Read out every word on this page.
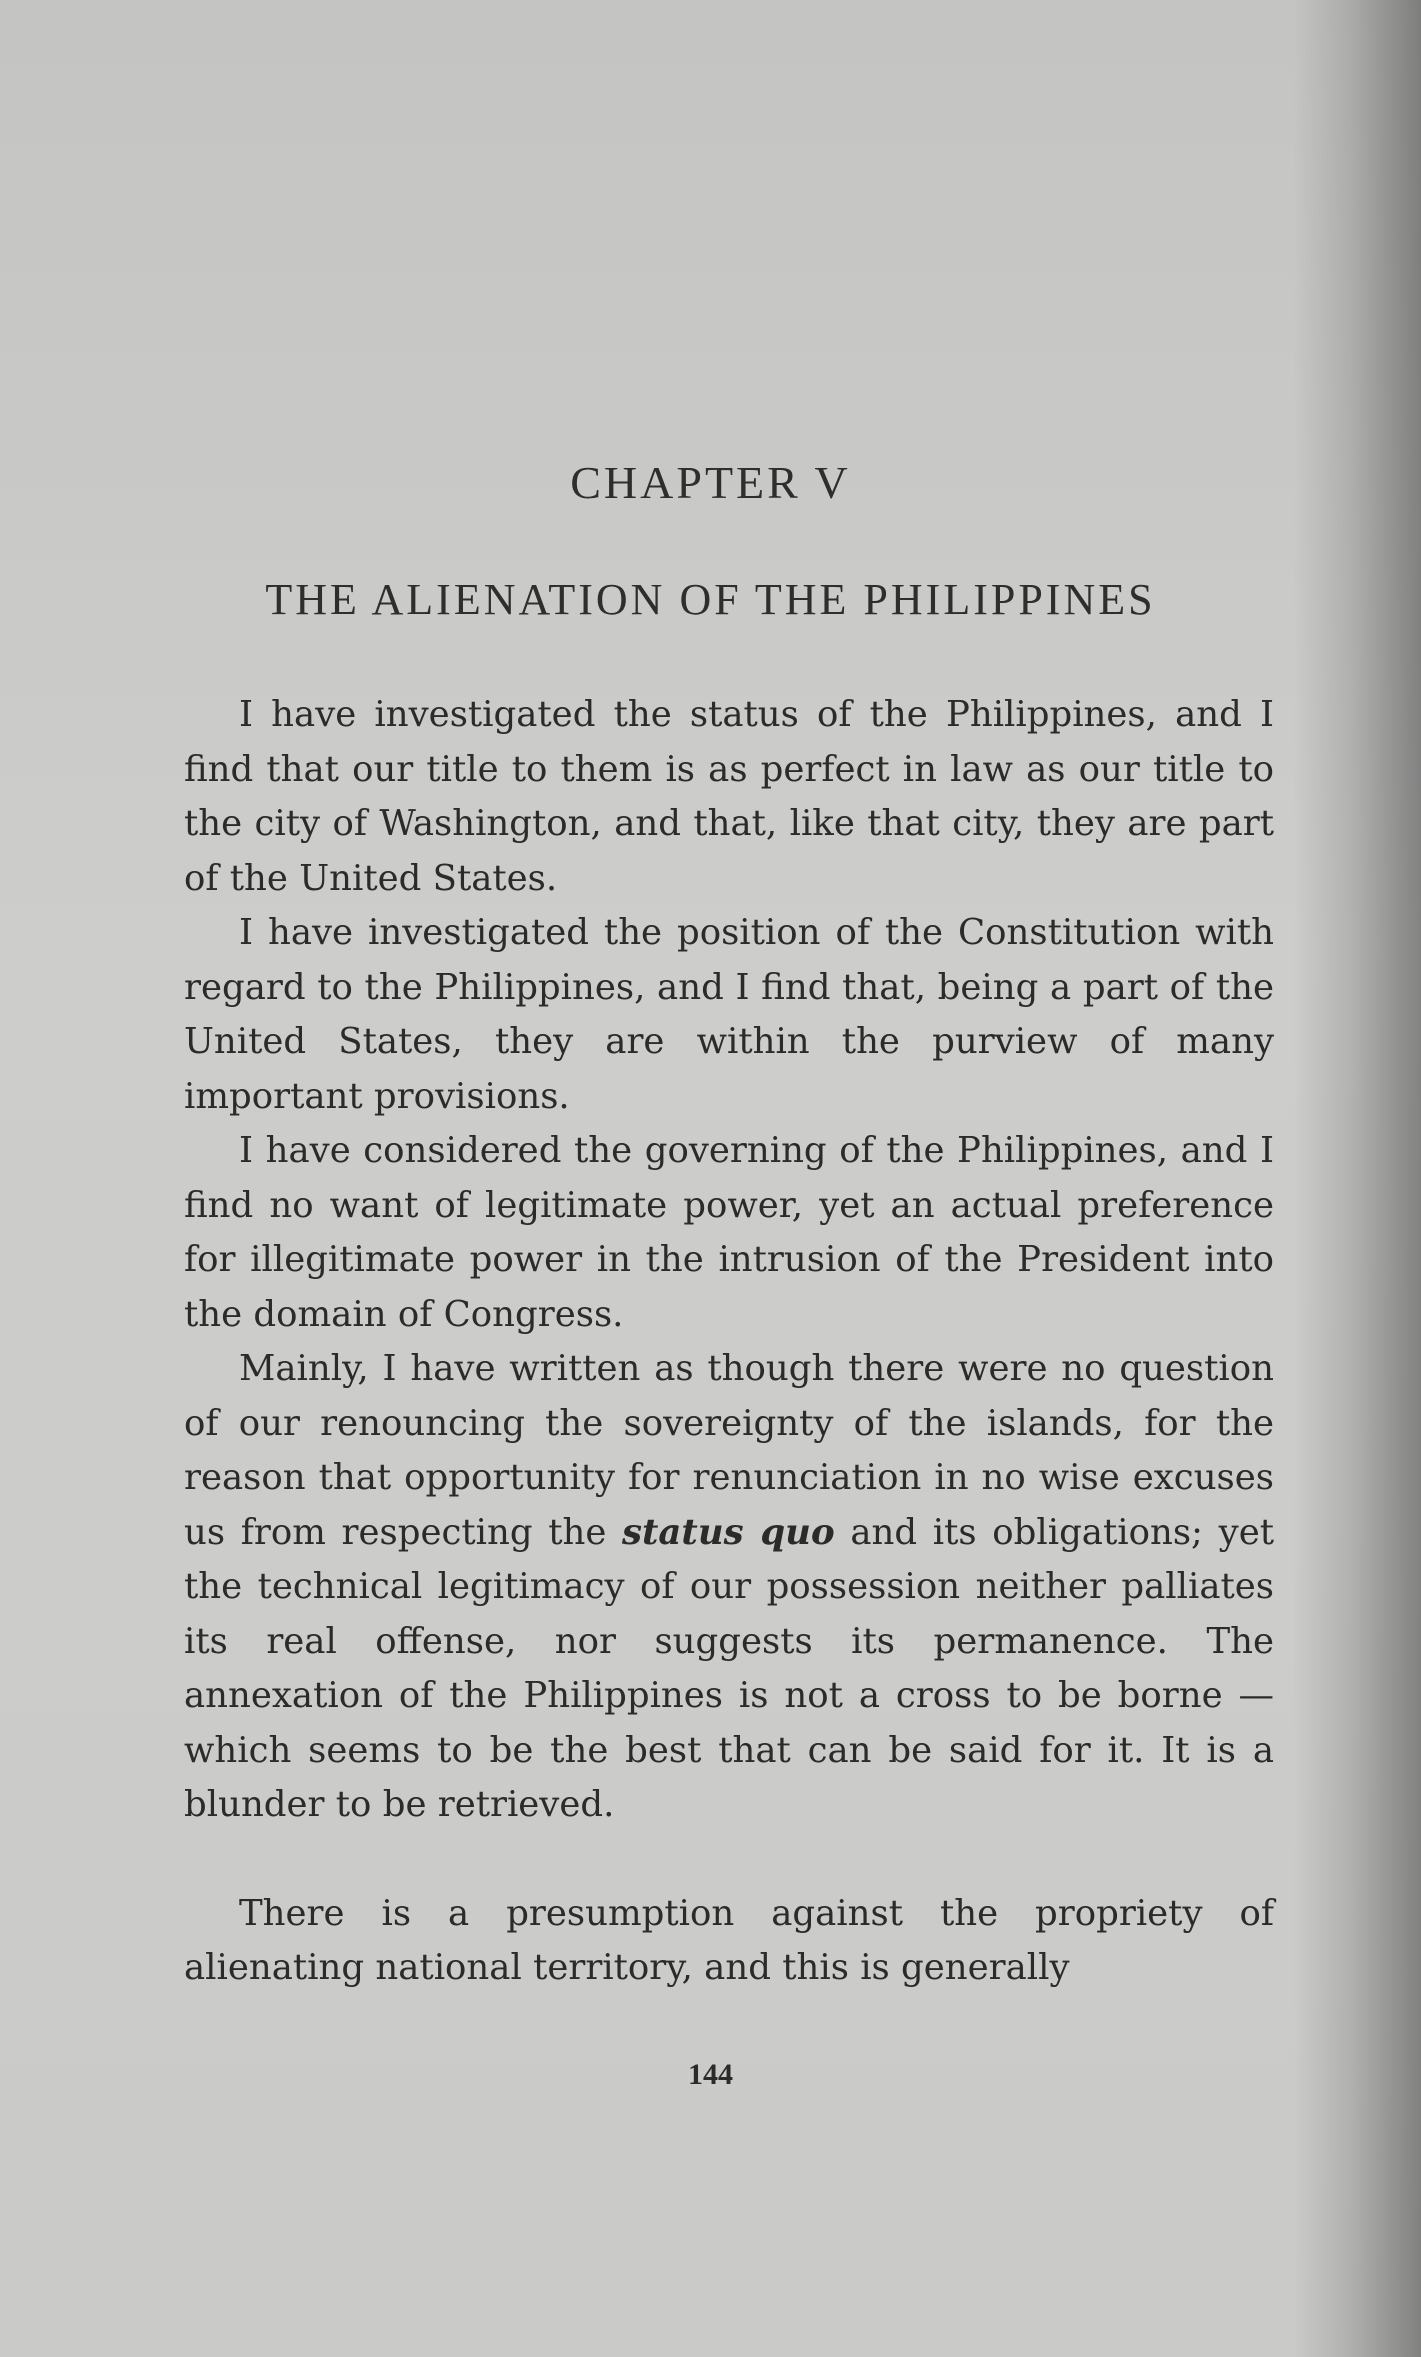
CHAPTER V
THE ALIENATION OF THE PHILIPPINES

I have investigated the status of the Philippines, and I find that our title to them is as perfect in law as our title to the city of Washington, and that, like that city, they are part of the United States.

I have investigated the position of the Constitution with regard to the Philippines, and I find that, being a part of the United States, they are within the purview of many important provisions.

I have considered the governing of the Philippines, and I find no want of legitimate power, yet an actual preference for illegitimate power in the intrusion of the President into the domain of Congress.

Mainly, I have written as though there were no question of our renouncing the sovereignty of the islands, for the reason that opportunity for renunciation in no wise excuses us from respecting the status quo and its obligations; yet the technical legitimacy of our possession neither palliates its real offense, nor suggests its permanence. The annexation of the Philippines is not a cross to be borne — which seems to be the best that can be said for it. It is a blunder to be retrieved.

There is a presumption against the propriety of alienating national territory, and this is generally

144
